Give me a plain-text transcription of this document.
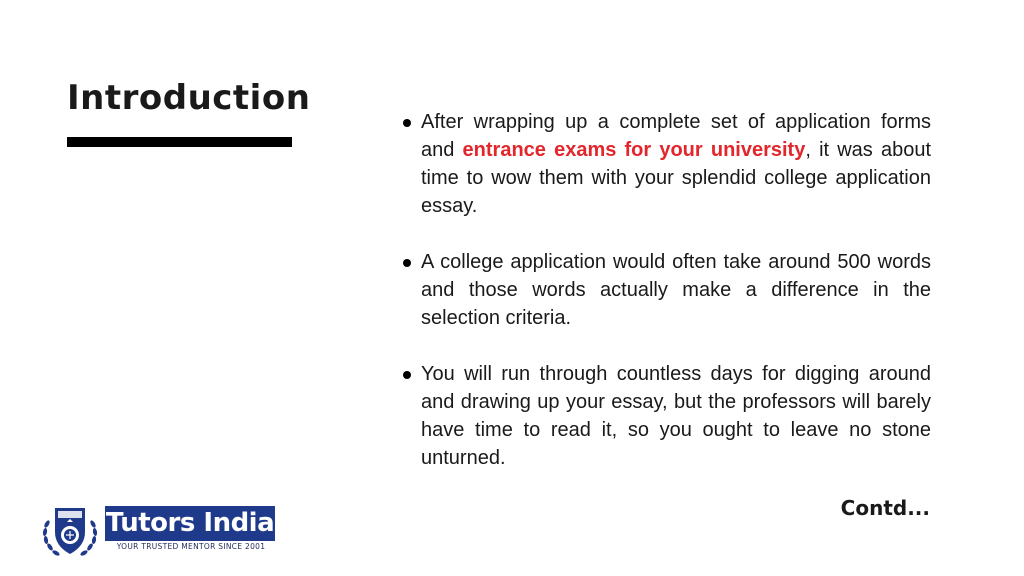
Introduction
After wrapping up a complete set of application forms and entrance exams for your university, it was about time to wow them with your splendid college application essay.
A college application would often take around 500 words and those words actually make a difference in the selection criteria.
You will run through countless days for digging around and drawing up your essay, but the professors will barely have time to read it, so you ought to leave no stone unturned.
Contd...
Tutors India
YOUR TRUSTED MENTOR SINCE 2001
